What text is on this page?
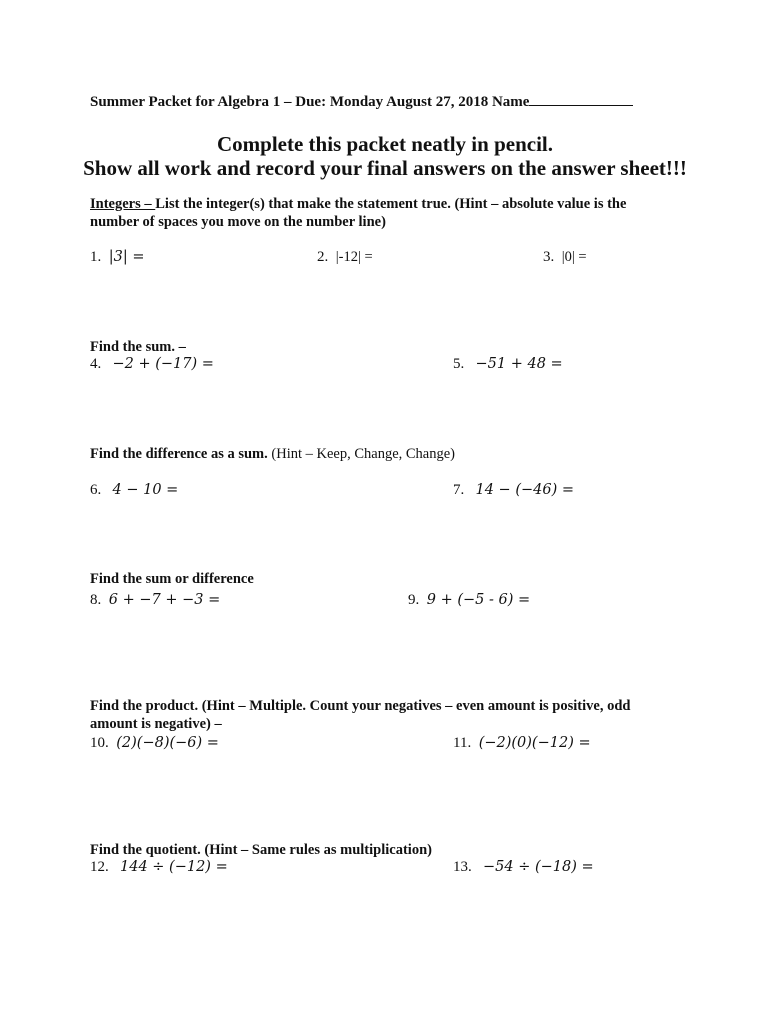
Summer Packet for Algebra 1 – Due: Monday August 27, 2018 Name
Complete this packet neatly in pencil.
Show all work and record your final answers on the answer sheet!!!
Integers – List the integer(s) that make the statement true. (Hint – absolute value is the
number of spaces you move on the number line)
1. |3| =	2. |-12| =	3. |0| =
Find the sum. –
4. −2 + (−17) =	5. −51 + 48 =
Find the difference as a sum. (Hint – Keep, Change, Change)
6. 4 − 10 =	7. 14 − (−46) =
Find the sum or difference
8. 6 + −7 + −3 =	9. 9 + (−5 - 6) =
Find the product. (Hint – Multiple. Count your negatives – even amount is positive, odd
amount is negative) –
10. (2)(−8)(−6) =	11. (−2)(0)(−12) =
Find the quotient. (Hint – Same rules as multiplication)
12. 144 ÷ (−12) =	13. −54 ÷ (−18) =
